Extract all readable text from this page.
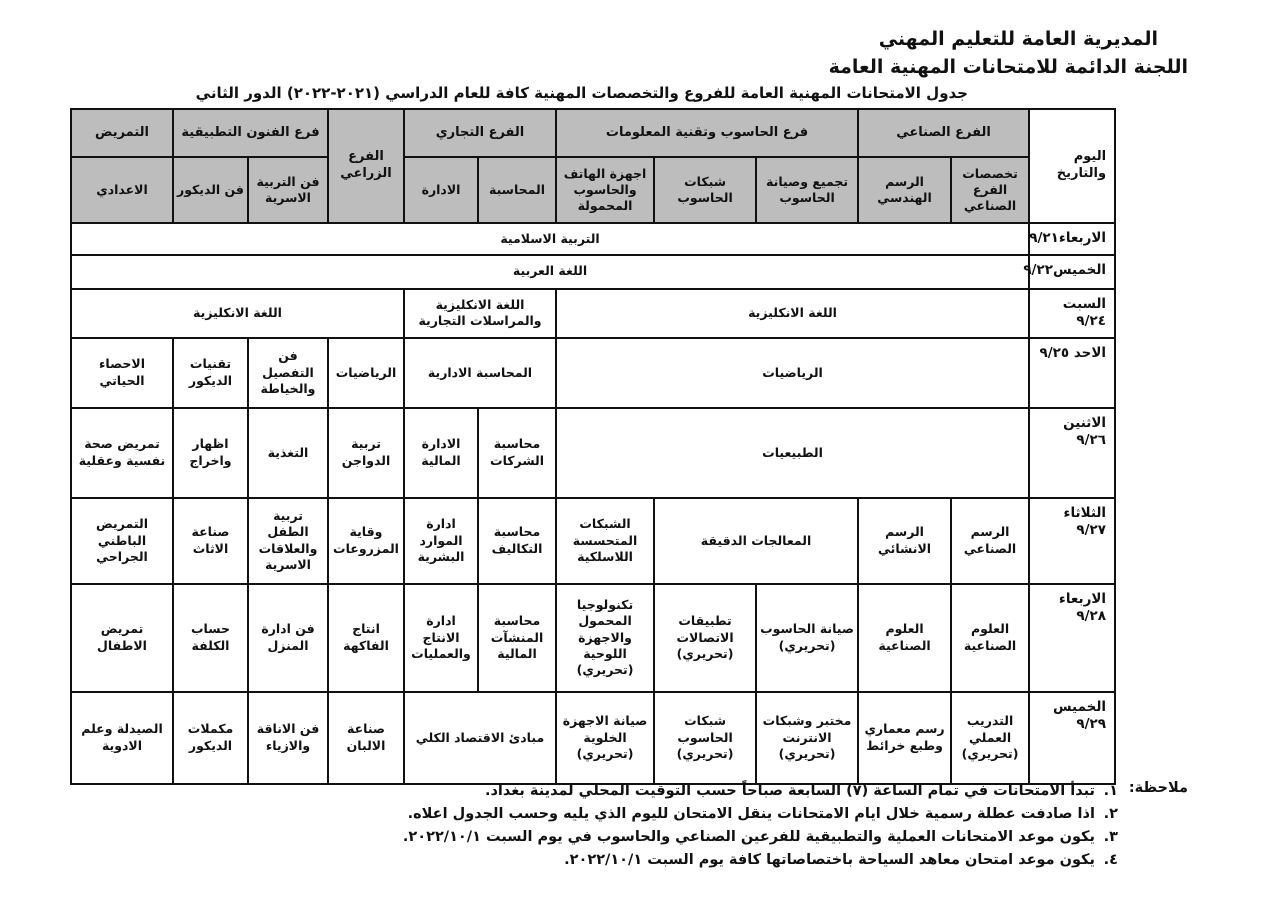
المديرية العامة للتعليم المهني
اللجنة الدائمة للامتحانات المهنية العامة
جدول الامتحانات المهنية العامة للفروع والتخصصات المهنية كافة للعام الدراسي (٢٠٢١-٢٠٢٢) الدور الثاني
اليوم والتاريخ	الفرع الصناعي		فرع الحاسوب وتقنية المعلومات			الفرع التجاري		الفرع الزراعي	فرع الفنون التطبيقية		التمريض	
	تخصصات الفرع الصناعي	الرسم الهندسي	تجميع وصيانة الحاسوب	شبكات الحاسوب	اجهزة الهاتف والحاسوب المحمولة	المحاسبة	الادارة		فن التربية الاسرية	فن الديكور	الاعدادي	
الاربعاء٩/٢١	التربية الاسلامية											
الخميس٩/٢٢	اللغة العربية											
السبت ٩/٢٤	اللغة الانكليزية					اللغة الانكليزية والمراسلات التجارية		اللغة الانكليزية				
الاحد ٩/٢٥	الرياضيات					المحاسبة الادارية		الرياضيات	فن التفصيل والخياطة	تقنيات الديكور	الاحصاء الحياتي	
الاثنين ٩/٢٦	الطبيعيات					محاسبة الشركات	الادارة المالية	تربية الدواجن	التغذية	اظهار واخراج	تمريض صحة نفسية وعقلية	
الثلاثاء ٩/٢٧	الرسم الصناعي	الرسم الانشائي	المعالجات الدقيقة		الشبكات المتحسسة اللاسلكية	محاسبة التكاليف	ادارة الموارد البشرية	وقاية المزروعات	تربية الطفل والعلاقات الاسرية	صناعة الاثاث	التمريض الباطني الجراحي	
الاربعاء ٩/٢٨	العلوم الصناعية	العلوم الصناعية	صيانة الحاسوب (تحريري)	تطبيقات الاتصالات (تحريري)	تكنولوجيا المحمول والاجهزة اللوحية (تحريري)	محاسبة المنشآت المالية	ادارة الانتاج والعمليات	انتاج الفاكهة	فن ادارة المنزل	حساب الكلفة	تمريض الاطفال	
الخميس ٩/٢٩	التدريب العملي (تحريري)	رسم معماري وطبع خرائط	مختبر وشبكات الانترنت (تحريري)	شبكات الحاسوب (تحريري)	صيانة الاجهزة الخلوية (تحريري)	مبادئ الاقتصاد الكلي		صناعة الالبان	فن الاناقة والازياء	مكملات الديكور	الصيدلة وعلم الادوية	
ملاحظة:
١. تبدأ الامتحانات في تمام الساعة (٧) السابعة صباحاً حسب التوقيت المحلي لمدينة بغداد.
٢. اذا صادفت عطلة رسمية خلال ايام الامتحانات ينقل الامتحان لليوم الذي يليه وحسب الجدول اعلاه.
٣. يكون موعد الامتحانات العملية والتطبيقية للفرعين الصناعي والحاسوب في يوم السبت ٢٠٢٢/١٠/١.
٤. يكون موعد امتحان معاهد السياحة باختصاصاتها كافة يوم السبت ٢٠٢٢/١٠/١.
